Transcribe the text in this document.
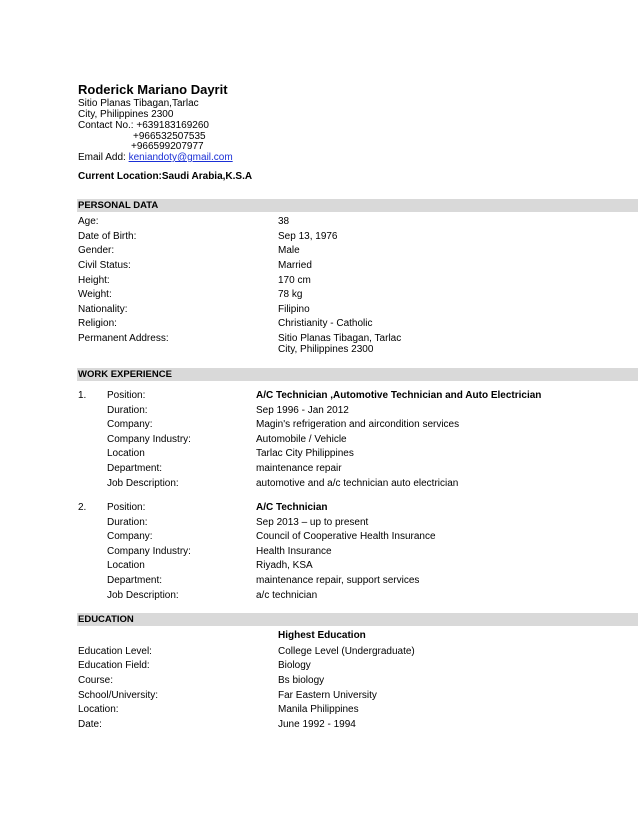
Roderick Mariano Dayrit
Sitio Planas Tibagan,Tarlac
City, Philippines 2300
Contact No.: +639183169260
+966532507535
+966599207977
Email Add: keniandoty@gmail.com
Current Location:Saudi Arabia,K.S.A
PERSONAL DATA
Age:	38
Date of Birth:	Sep 13, 1976
Gender:	Male
Civil Status:	Married
Height:	170 cm
Weight:	78 kg
Nationality:	Filipino
Religion:	Christianity - Catholic
Permanent Address:	Sitio Planas Tibagan, Tarlac
City, Philippines 2300
WORK EXPERIENCE
1. Position:	A/C Technician ,Automotive Technician and Auto Electrician
Duration:	Sep 1996 - Jan 2012
Company:	Magin's refrigeration and aircondition services
Company Industry:	Automobile / Vehicle
Location	Tarlac City Philippines
Department:	maintenance repair
Job Description:	automotive and a/c technician auto electrician
2. Position:	A/C Technician
Duration:	Sep 2013 – up to present
Company:	Council of Cooperative Health Insurance
Company Industry:	Health Insurance
Location	Riyadh, KSA
Department:	maintenance repair, support services
Job Description:	a/c technician
EDUCATION
Highest Education
Education Level:	College Level (Undergraduate)
Education Field:	Biology
Course:	Bs biology
School/University:	Far Eastern University
Location:	Manila Philippines
Date:	June 1992 - 1994
